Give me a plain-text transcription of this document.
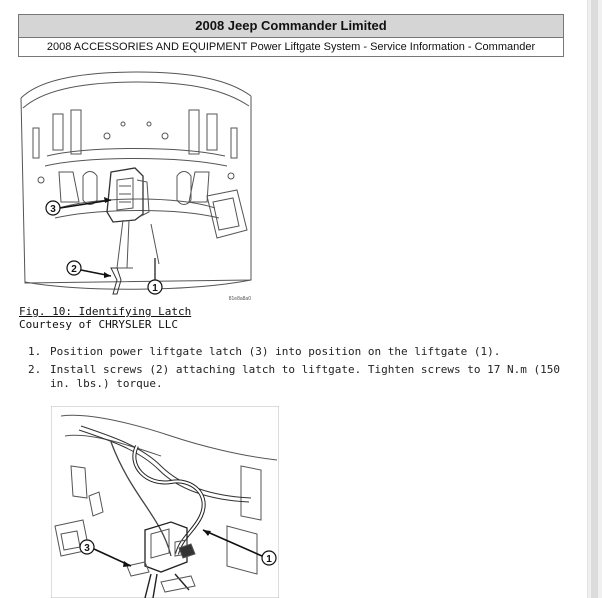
2008 Jeep Commander Limited
2008 ACCESSORIES AND EQUIPMENT Power Liftgate System - Service Information - Commander
3
2
1
81e8a8a0
Fig. 10: Identifying Latch
Courtesy of CHRYSLER LLC
1. Position power liftgate latch (3) into position on the liftgate (1).
2. Install screws (2) attaching latch to liftgate. Tighten screws to 17 N.m (150 in. lbs.) torque.
3
1
